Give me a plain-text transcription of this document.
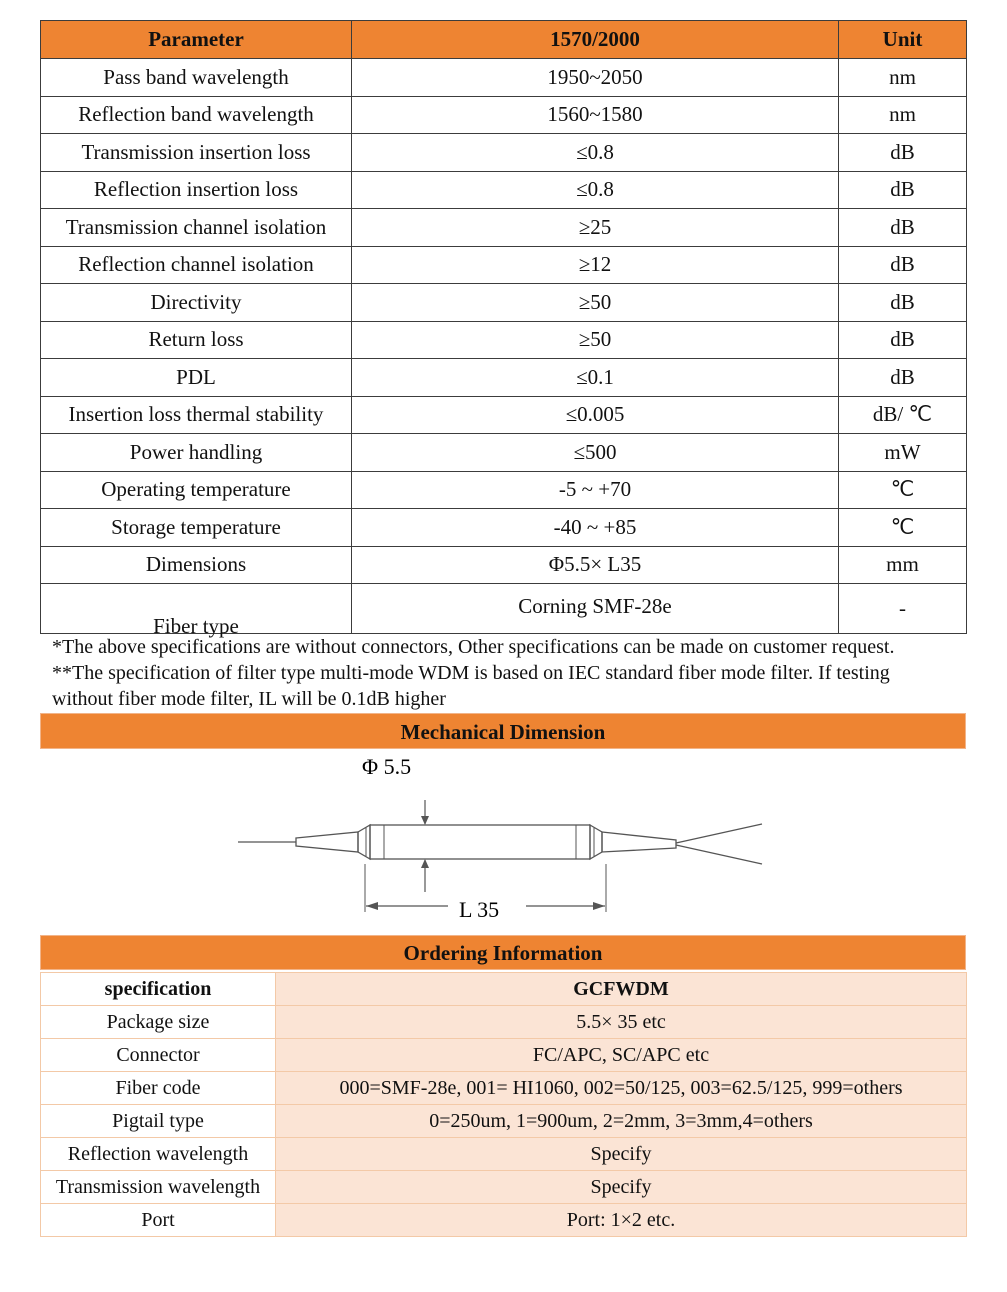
Parameter	1570/2000	Unit
Pass band wavelength	1950~2050	nm
Reflection band wavelength	1560~1580	nm
Transmission insertion loss	≤0.8	dB
Reflection insertion loss	≤0.8	dB
Transmission channel isolation	≥25	dB
Reflection channel isolation	≥12	dB
Directivity	≥50	dB
Return loss	≥50	dB
PDL	≤0.1	dB
Insertion loss thermal stability	≤0.005	dB/ ℃
Power handling	≤500	mW
Operating temperature	-5 ~ +70	℃
Storage temperature	-40 ~ +85	℃
Dimensions	Φ5.5× L35	mm

Fiber type	Corning SMF-28e	-

*The above specifications are without connectors, Other specifications can be made on customer request.

**The specification of filter type multi-mode WDM is based on IEC standard fiber mode filter. If testing without fiber mode filter, IL will be 0.1dB higher

Mechanical Dimension
Φ 5.5
L 35
Ordering Information
specification	GCFWDM
Package size	5.5× 35 etc
Connector	FC/APC, SC/APC etc
Fiber code	000=SMF-28e, 001= HI1060, 002=50/125, 003=62.5/125, 999=others
Pigtail type	0=250um, 1=900um, 2=2mm, 3=3mm,4=others
Reflection wavelength	Specify
Transmission wavelength	Specify
Port	Port: 1×2 etc.
